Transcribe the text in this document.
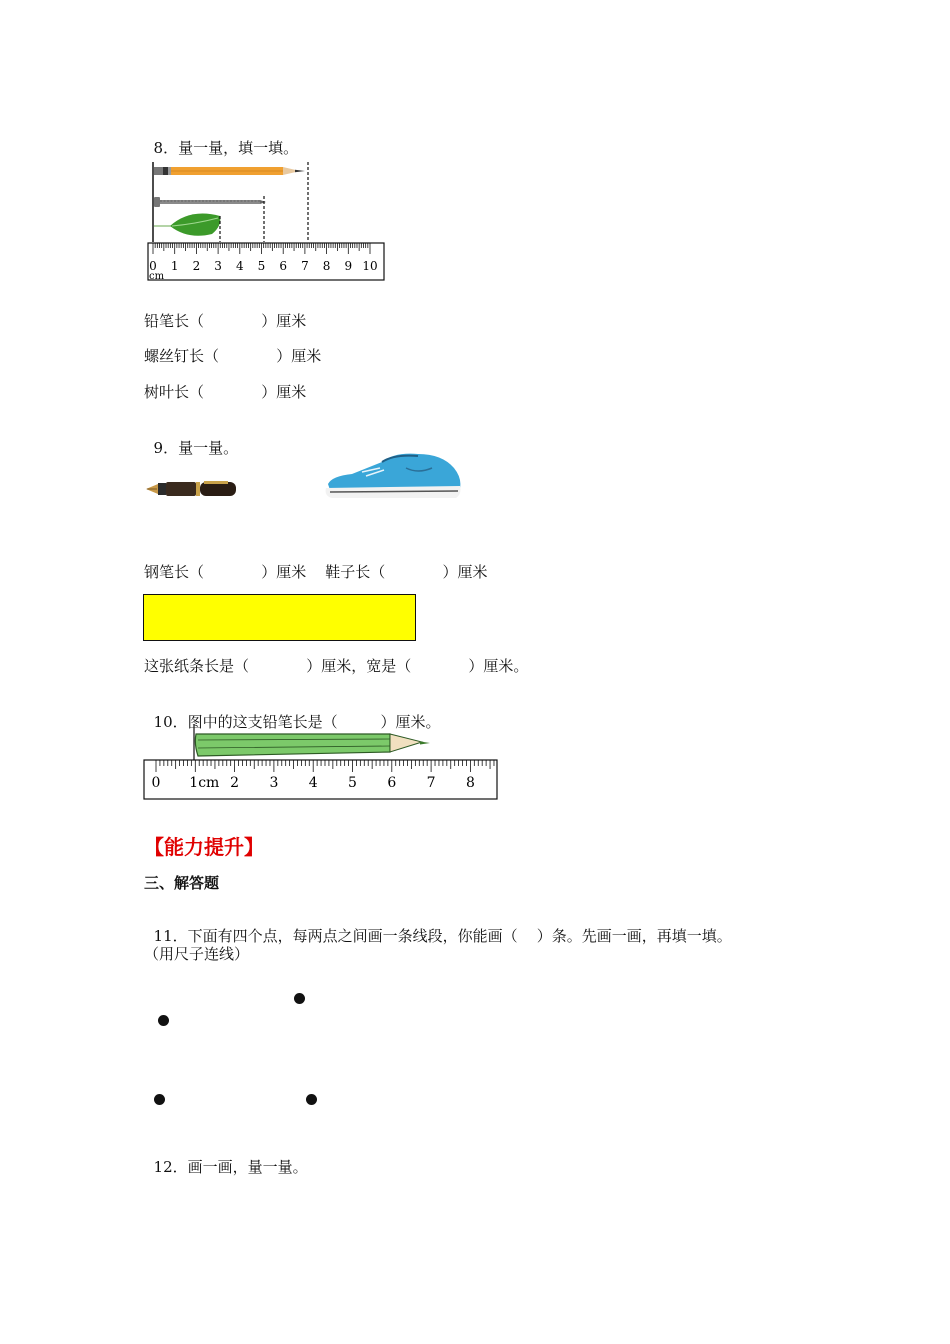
8．量一量，填一填。

0 1 2 3 4 5 6 7 8 9 10
cm
铅笔长（            ）厘米
螺丝钉长（            ）厘米
树叶长（            ）厘米

9．量一量。

钢笔长（            ）厘米    鞋子长（            ）厘米
这张纸条长是（            ）厘米，宽是（            ）厘米。

10．图中的这支铅笔长是（         ）厘米。

0 1cm 2 3 4 5 6 7 8
【能力提升】
三、解答题

11．下面有四个点，每两点之间画一条线段，你能画（    ）条。先画一画，再填一填。

（用尺子连线）

12．画一画，量一量。
